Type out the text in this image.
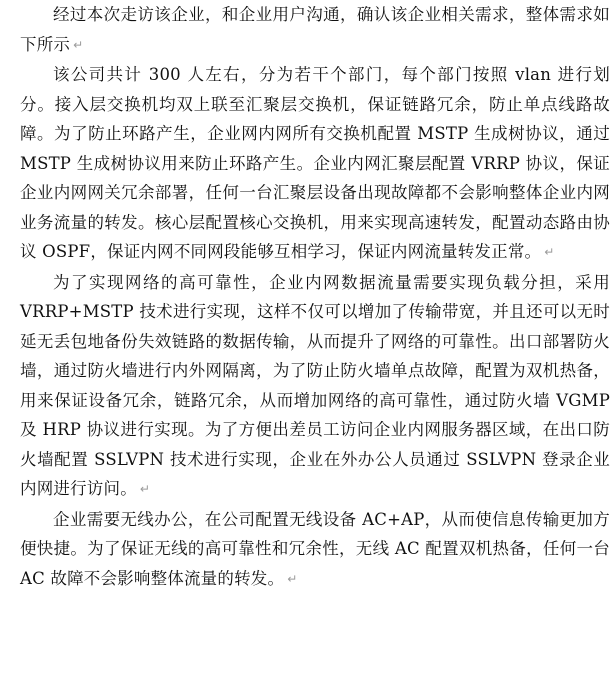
经过本次走访该企业，和企业用户沟通，确认该企业相关需求，整体需求如下所示 ↵

该公司共计 300 人左右，分为若干个部门，每个部门按照 vlan 进行划分。接入层交换机均双上联至汇聚层交换机，保证链路冗余，防止单点线路故障。为了防止环路产生，企业网内网所有交换机配置 MSTP 生成树协议，通过 MSTP 生成树协议用来防止环路产生。企业内网汇聚层配置 VRRP 协议，保证企业内网网关冗余部署，任何一台汇聚层设备出现故障都不会影响整体企业内网业务流量的转发。核心层配置核心交换机，用来实现高速转发，配置动态路由协议 OSPF，保证内网不同网段能够互相学习，保证内网流量转发正常。 ↵

为了实现网络的高可靠性，企业内网数据流量需要实现负载分担，采用 VRRP+MSTP 技术进行实现，这样不仅可以增加了传输带宽，并且还可以无时延无丢包地备份失效链路的数据传输，从而提升了网络的可靠性。出口部署防火墙，通过防火墙进行内外网隔离，为了防止防火墙单点故障，配置为双机热备，用来保证设备冗余，链路冗余，从而增加网络的高可靠性，通过防火墙 VGMP 及 HRP 协议进行实现。为了方便出差员工访问企业内网服务器区域，在出口防火墙配置 SSLVPN 技术进行实现，企业在外办公人员通过 SSLVPN 登录企业内网进行访问。 ↵

企业需要无线办公，在公司配置无线设备 AC+AP，从而使信息传输更加方便快捷。为了保证无线的高可靠性和冗余性，无线 AC 配置双机热备，任何一台 AC 故障不会影响整体流量的转发。 ↵
